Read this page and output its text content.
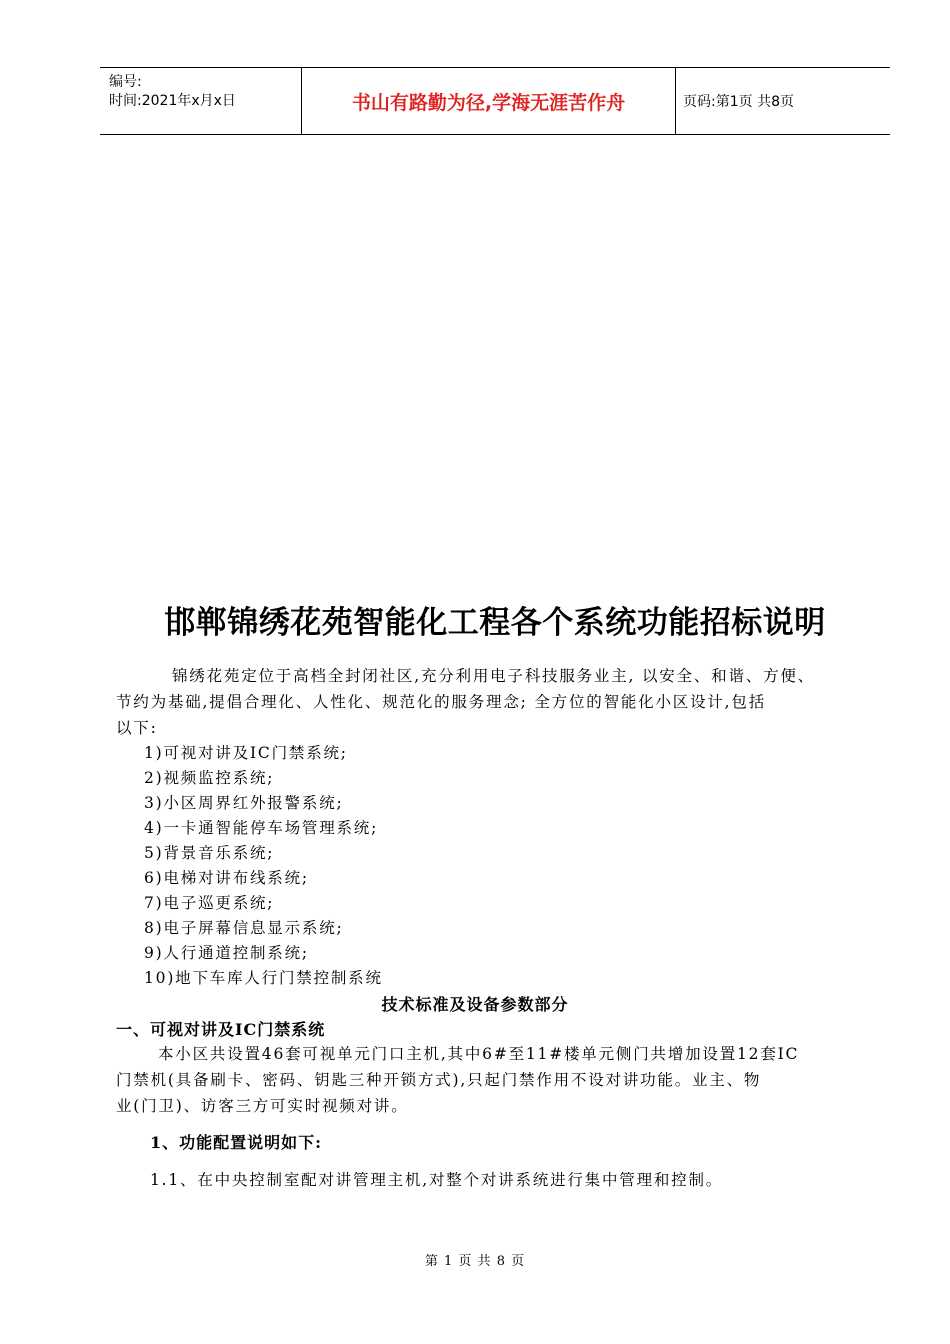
编号:
时间:2021年x月x日	书山有路勤为径,学海无涯苦作舟	页码:第1页 共8页
邯郸锦绣花苑智能化工程各个系统功能招标说明
锦绣花苑定位于高档全封闭社区,充分利用电子科技服务业主, 以安全、和谐、方便、
节约为基础,提倡合理化、人性化、规范化的服务理念; 全方位的智能化小区设计,包括
以下:
1)可视对讲及IC门禁系统;
2)视频监控系统;
3)小区周界红外报警系统;
4)一卡通智能停车场管理系统;
5)背景音乐系统;
6)电梯对讲布线系统;
7)电子巡更系统;
8)电子屏幕信息显示系统;
9)人行通道控制系统;
10)地下车库人行门禁控制系统
技术标准及设备参数部分
一、可视对讲及IC门禁系统
本小区共设置46套可视单元门口主机,其中6#至11#楼单元侧门共增加设置12套IC
门禁机(具备刷卡、密码、钥匙三种开锁方式),只起门禁作用不设对讲功能。业主、物
业(门卫)、访客三方可实时视频对讲。
1、功能配置说明如下:
1.1、在中央控制室配对讲管理主机,对整个对讲系统进行集中管理和控制。
第 1 页 共 8 页
